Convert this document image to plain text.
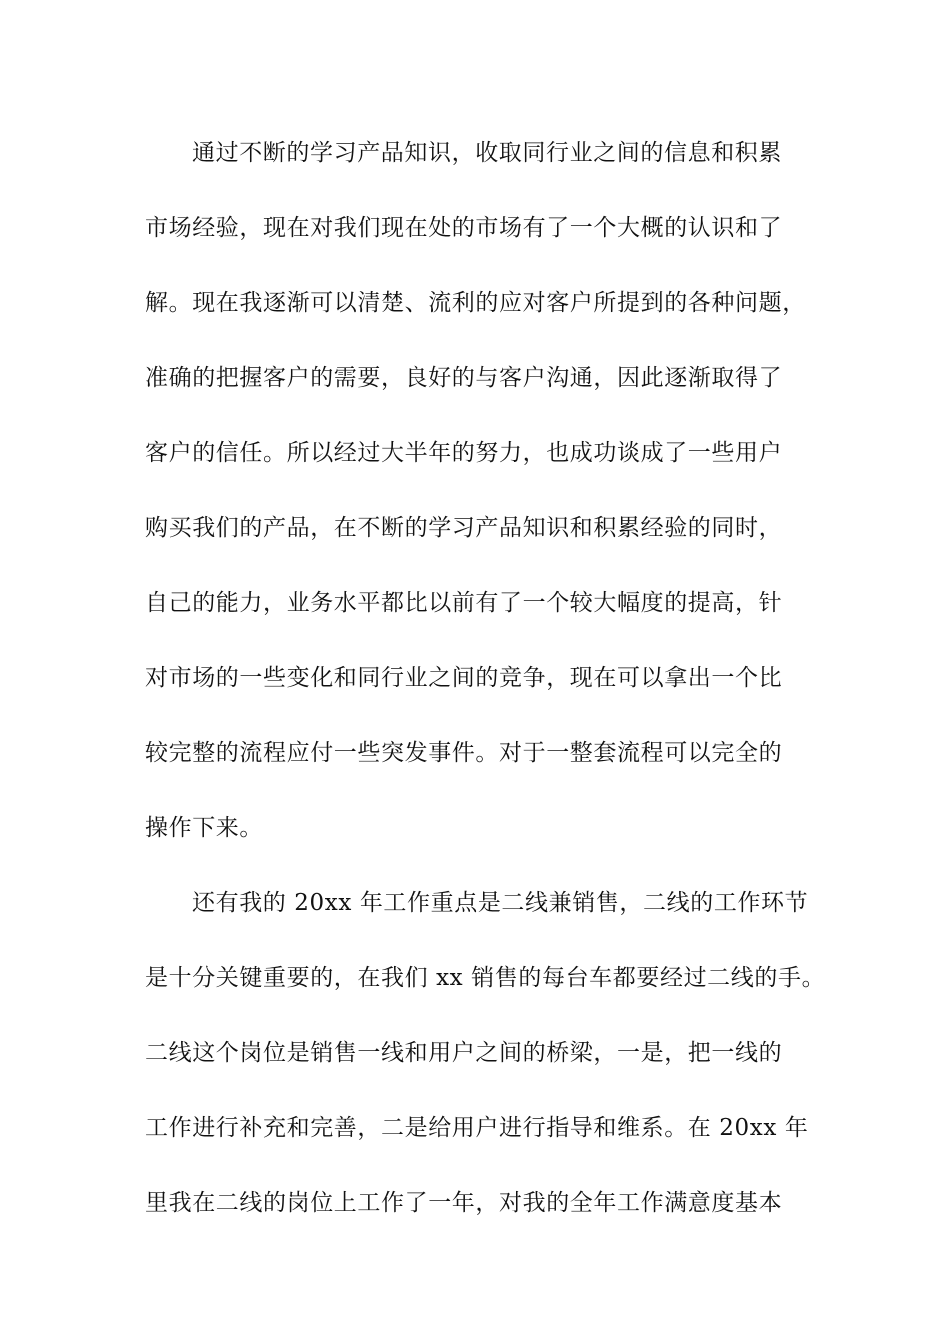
通过不断的学习产品知识，收取同行业之间的信息和积累
市场经验，现在对我们现在处的市场有了一个大概的认识和了
解。现在我逐渐可以清楚、流利的应对客户所提到的各种问题，
准确的把握客户的需要，良好的与客户沟通，因此逐渐取得了
客户的信任。所以经过大半年的努力，也成功谈成了一些用户
购买我们的产品，在不断的学习产品知识和积累经验的同时，
自己的能力，业务水平都比以前有了一个较大幅度的提高，针
对市场的一些变化和同行业之间的竞争，现在可以拿出一个比
较完整的流程应付一些突发事件。对于一整套流程可以完全的
操作下来。
还有我的 20xx 年工作重点是二线兼销售，二线的工作环节
是十分关键重要的，在我们 xx 销售的每台车都要经过二线的手。
二线这个岗位是销售一线和用户之间的桥梁，一是，把一线的
工作进行补充和完善，二是给用户进行指导和维系。在 20xx 年
里我在二线的岗位上工作了一年，对我的全年工作满意度基本
